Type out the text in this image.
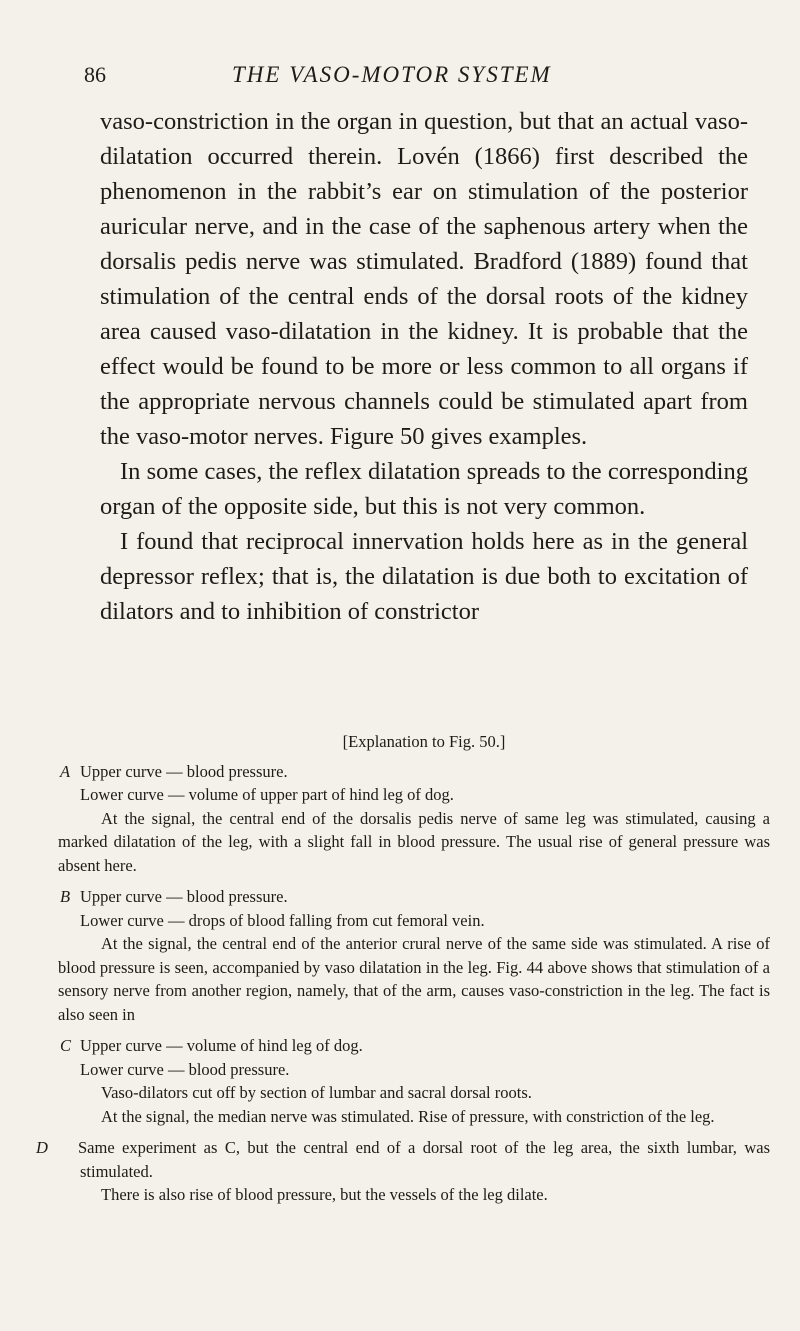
86	THE VASO-MOTOR SYSTEM

vaso-constriction in the organ in question, but that an actual vaso-dilatation occurred therein. Lovén (1866) first described the phenomenon in the rabbit’s ear on stimulation of the posterior auricular nerve, and in the case of the saphenous artery when the dorsalis pedis nerve was stimulated. Bradford (1889) found that stimulation of the central ends of the dorsal roots of the kidney area caused vaso-dilatation in the kidney. It is probable that the effect would be found to be more or less common to all organs if the appropriate nervous channels could be stimulated apart from the vaso-motor nerves. Figure 50 gives examples.

In some cases, the reflex dilatation spreads to the corresponding organ of the opposite side, but this is not very common.

I found that reciprocal innervation holds here as in the general depressor reflex; that is, the dilatation is due both to excitation of dilators and to inhibition of constrictor

[Explanation to Fig. 50.]

A Upper curve — blood pressure.

Lower curve — volume of upper part of hind leg of dog.

At the signal, the central end of the dorsalis pedis nerve of same leg was stimulated, causing a marked dilatation of the leg, with a slight fall in blood pressure. The usual rise of general pressure was absent here.

B Upper curve — blood pressure.

Lower curve — drops of blood falling from cut femoral vein.

At the signal, the central end of the anterior crural nerve of the same side was stimulated. A rise of blood pressure is seen, accompanied by vaso dilatation in the leg. Fig. 44 above shows that stimulation of a sensory nerve from another region, namely, that of the arm, causes vaso-constriction in the leg. The fact is also seen in

C Upper curve — volume of hind leg of dog.

Lower curve — blood pressure.

Vaso-dilators cut off by section of lumbar and sacral dorsal roots.

At the signal, the median nerve was stimulated. Rise of pressure, with constriction of the leg.

D Same experiment as C, but the central end of a dorsal root of the leg area, the sixth lumbar, was stimulated.

There is also rise of blood pressure, but the vessels of the leg dilate.
